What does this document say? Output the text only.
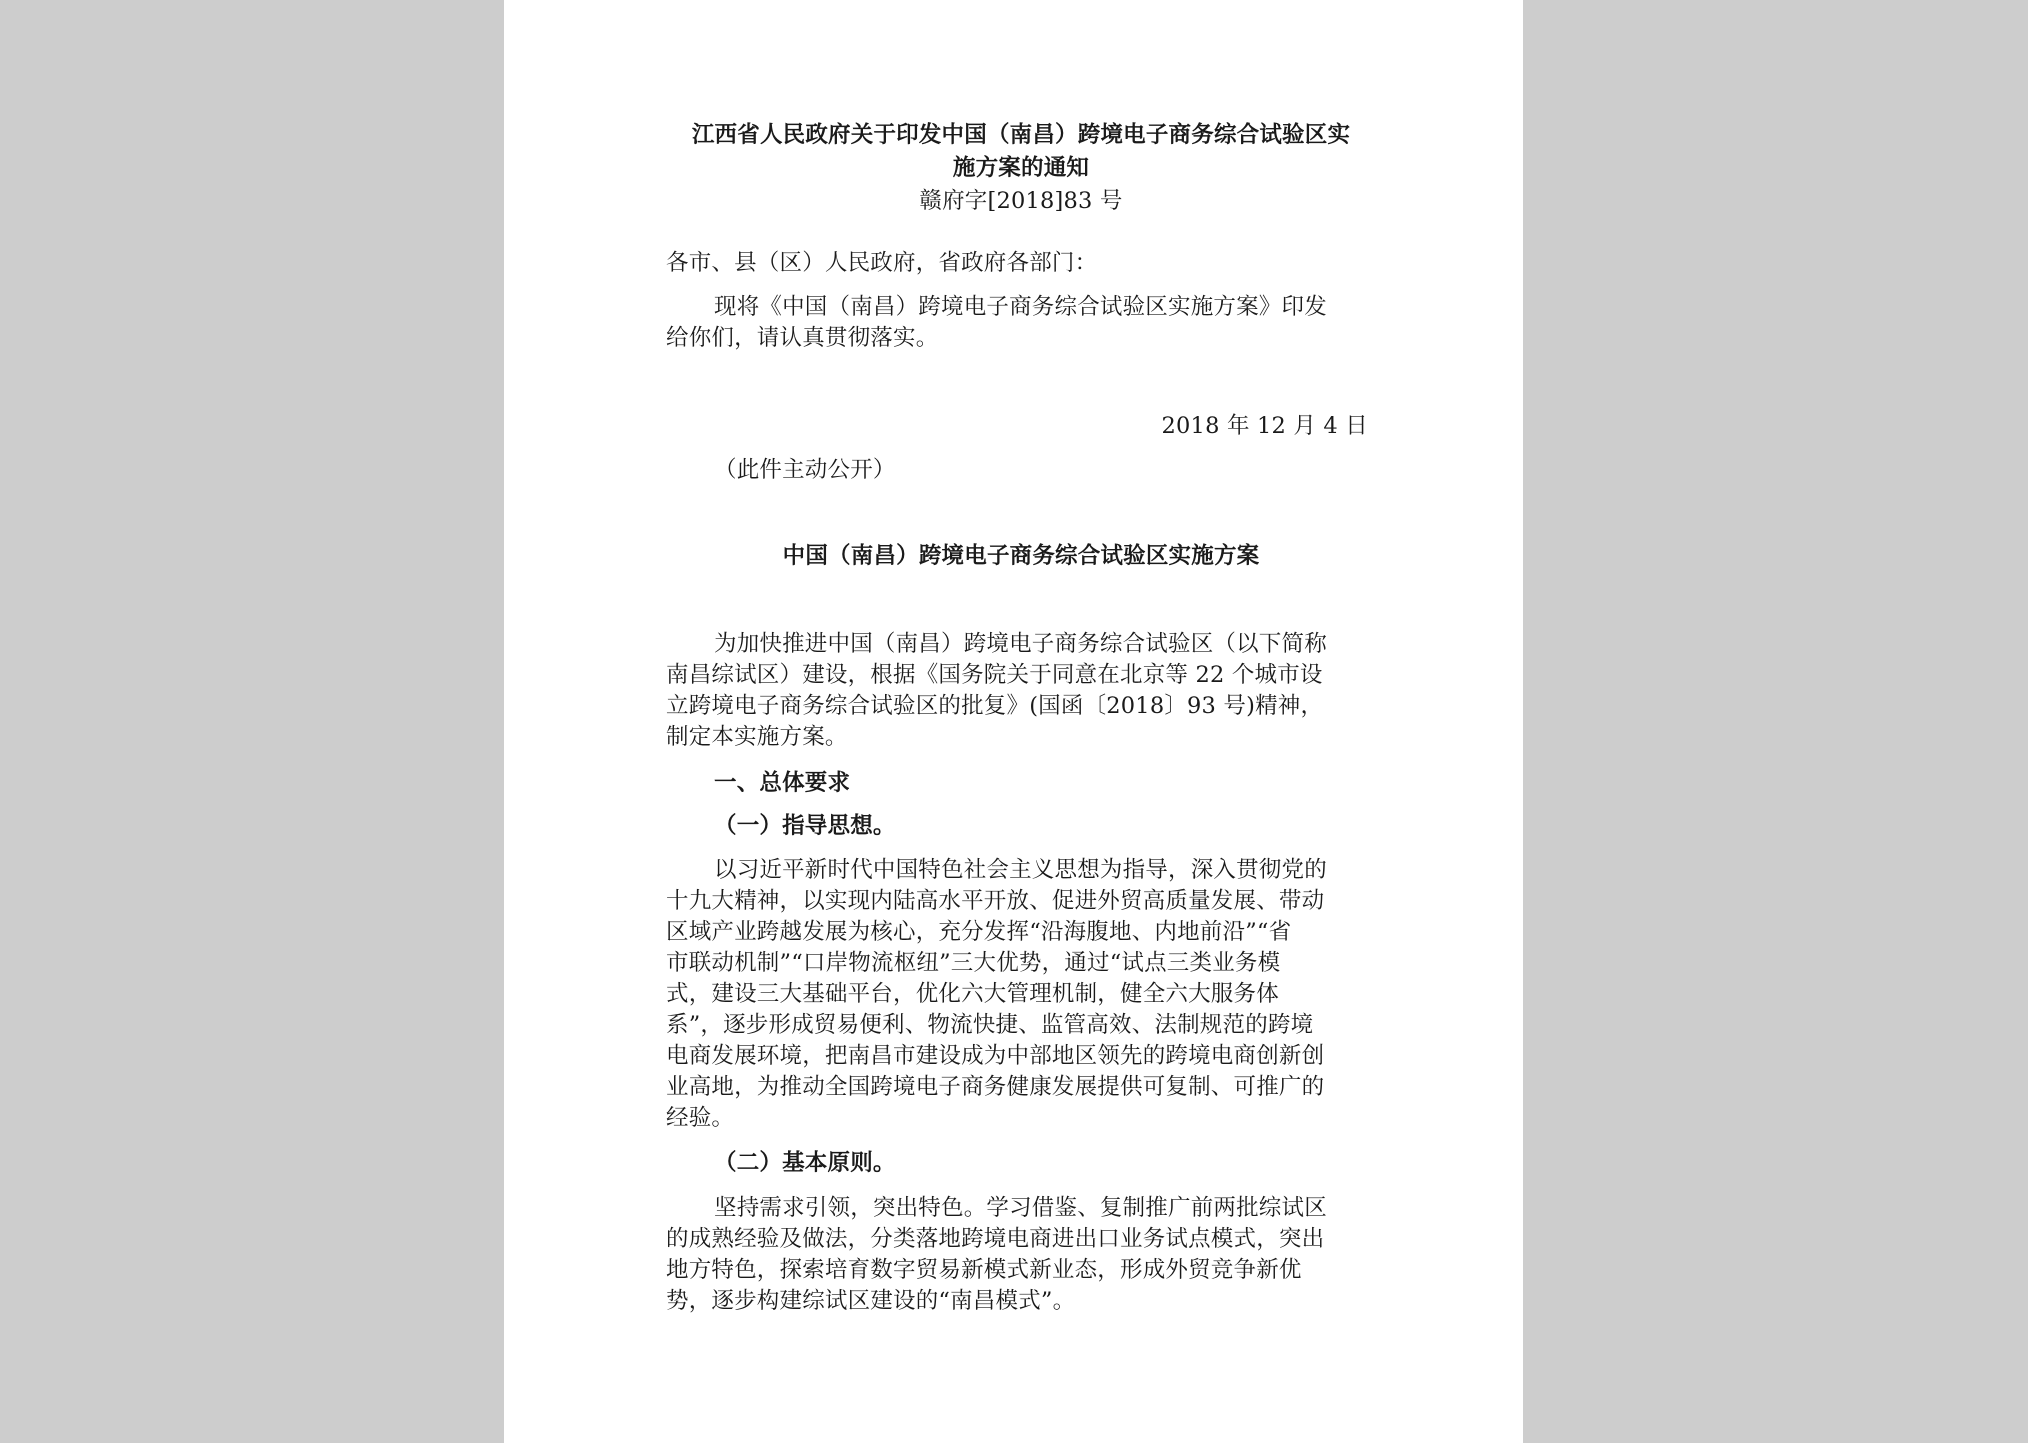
江西省人民政府关于印发中国（南昌）跨境电子商务综合试验区实
施方案的通知
赣府字[2018]83 号
各市、县（区）人民政府，省政府各部门：
现将《中国（南昌）跨境电子商务综合试验区实施方案》印发
给你们，请认真贯彻落实。
2018 年 12 月 4 日
（此件主动公开）
中国（南昌）跨境电子商务综合试验区实施方案
为加快推进中国（南昌）跨境电子商务综合试验区（以下简称
南昌综试区）建设，根据《国务院关于同意在北京等 22 个城市设
立跨境电子商务综合试验区的批复》(国函〔2018〕93 号)精神，
制定本实施方案。
一、总体要求
（一）指导思想。
以习近平新时代中国特色社会主义思想为指导，深入贯彻党的
十九大精神，以实现内陆高水平开放、促进外贸高质量发展、带动
区域产业跨越发展为核心，充分发挥“沿海腹地、内地前沿”“省
市联动机制”“口岸物流枢纽”三大优势，通过“试点三类业务模
式，建设三大基础平台，优化六大管理机制，健全六大服务体
系”，逐步形成贸易便利、物流快捷、监管高效、法制规范的跨境
电商发展环境，把南昌市建设成为中部地区领先的跨境电商创新创
业高地，为推动全国跨境电子商务健康发展提供可复制、可推广的
经验。
（二）基本原则。
坚持需求引领，突出特色。学习借鉴、复制推广前两批综试区
的成熟经验及做法，分类落地跨境电商进出口业务试点模式，突出
地方特色，探索培育数字贸易新模式新业态，形成外贸竞争新优
势，逐步构建综试区建设的“南昌模式”。
